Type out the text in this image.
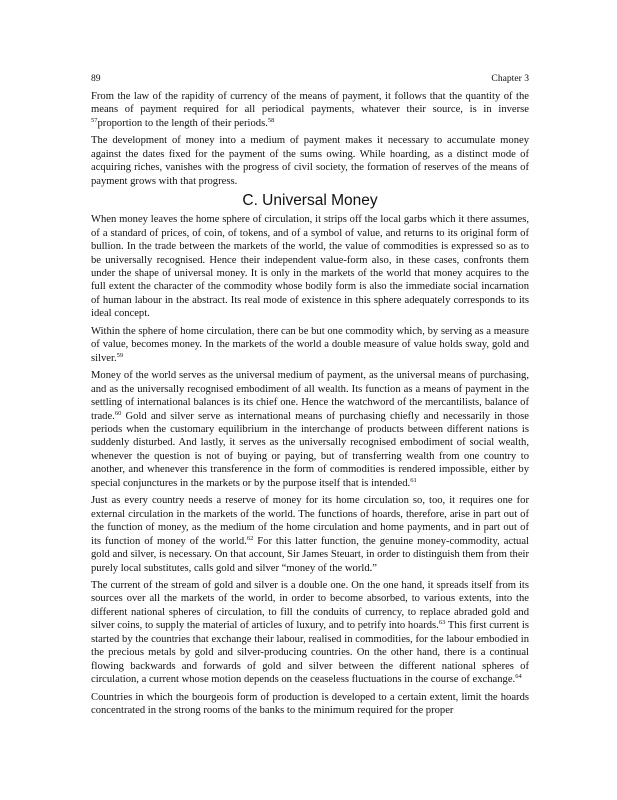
89	Chapter 3

From the law of the rapidity of currency of the means of payment, it follows that the quantity of the means of payment required for all periodical payments, whatever their source, is in inverse $^{57}$proportion to the length of their periods.$^{58}$

The development of money into a medium of payment makes it necessary to accumulate money against the dates fixed for the payment of the sums owing. While hoarding, as a distinct mode of acquiring riches, vanishes with the progress of civil society, the formation of reserves of the means of payment grows with that progress.

C. Universal Money

When money leaves the home sphere of circulation, it strips off the local garbs which it there assumes, of a standard of prices, of coin, of tokens, and of a symbol of value, and returns to its original form of bullion. In the trade between the markets of the world, the value of commodities is expressed so as to be universally recognised. Hence their independent value-form also, in these cases, confronts them under the shape of universal money. It is only in the markets of the world that money acquires to the full extent the character of the commodity whose bodily form is also the immediate social incarnation of human labour in the abstract. Its real mode of existence in this sphere adequately corresponds to its ideal concept.

Within the sphere of home circulation, there can be but one commodity which, by serving as a measure of value, becomes money. In the markets of the world a double measure of value holds sway, gold and silver.$^{59}$

Money of the world serves as the universal medium of payment, as the universal means of purchasing, and as the universally recognised embodiment of all wealth. Its function as a means of payment in the settling of international balances is its chief one. Hence the watchword of the mercantilists, balance of trade.$^{60}$ Gold and silver serve as international means of purchasing chiefly and necessarily in those periods when the customary equilibrium in the interchange of products between different nations is suddenly disturbed. And lastly, it serves as the universally recognised embodiment of social wealth, whenever the question is not of buying or paying, but of transferring wealth from one country to another, and whenever this transference in the form of commodities is rendered impossible, either by special conjunctures in the markets or by the purpose itself that is intended.$^{61}$

Just as every country needs a reserve of money for its home circulation so, too, it requires one for external circulation in the markets of the world. The functions of hoards, therefore, arise in part out of the function of money, as the medium of the home circulation and home payments, and in part out of its function of money of the world.$^{62}$ For this latter function, the genuine money-commodity, actual gold and silver, is necessary. On that account, Sir James Steuart, in order to distinguish them from their purely local substitutes, calls gold and silver “money of the world.”

The current of the stream of gold and silver is a double one. On the one hand, it spreads itself from its sources over all the markets of the world, in order to become absorbed, to various extents, into the different national spheres of circulation, to fill the conduits of currency, to replace abraded gold and silver coins, to supply the material of articles of luxury, and to petrify into hoards.$^{63}$ This first current is started by the countries that exchange their labour, realised in commodities, for the labour embodied in the precious metals by gold and silver-producing countries. On the other hand, there is a continual flowing backwards and forwards of gold and silver between the different national spheres of circulation, a current whose motion depends on the ceaseless fluctuations in the course of exchange.$^{64}$

Countries in which the bourgeois form of production is developed to a certain extent, limit the hoards concentrated in the strong rooms of the banks to the minimum required for the proper
